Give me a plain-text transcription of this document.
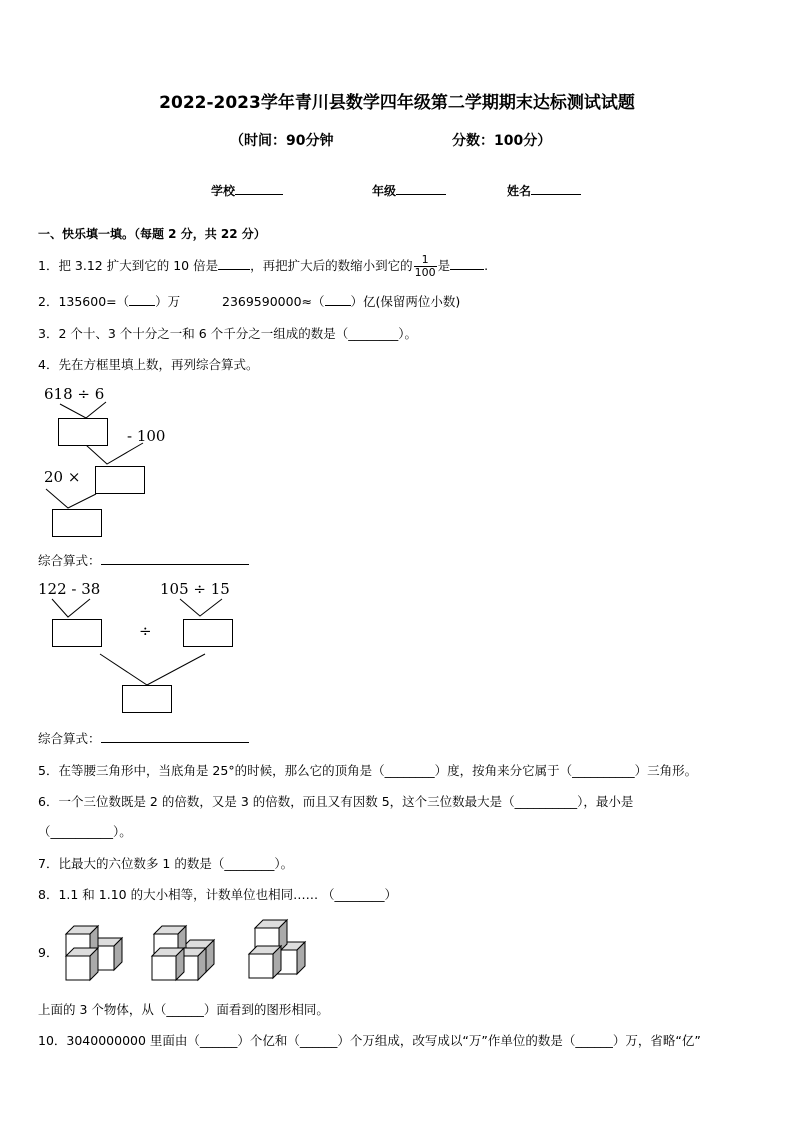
2022-2023学年青川县数学四年级第二学期期末达标测试试题
（时间：90分钟	分数：100分）
学校	年级	姓名
一、快乐填一填。（每题 2 分，共 22 分）
1．把 3.12 扩大到它的 10 倍是	，再把扩大后的数缩小到它的 $\frac{1}{100}$ 是	.
2．135600=（ ）万	2369590000≈（ ）亿(保留两位小数)
3．2 个十、3 个十分之一和 6 个千分之一组成的数是（________）。
4．先在方框里填上数，再列综合算式。
618 ÷ 6
- 100
20 ×
综合算式：
122 - 38	105 ÷ 15
÷
综合算式：
5．在等腰三角形中，当底角是 25°的时候，那么它的顶角是（________）度，按角来分它属于（__________）三角形。
6．一个三位数既是 2 的倍数，又是 3 的倍数，而且又有因数 5，这个三位数最大是（__________），最小是
（__________）。
7．比最大的六位数多 1 的数是（________）。
8．1.1 和 1.10 的大小相等，计数单位也相同…… （________）
9．
上面的 3 个物体，从（______）面看到的图形相同。
10．3040000000 里面由（______）个亿和（______）个万组成，改写成以“万”作单位的数是（______）万，省略“亿”
